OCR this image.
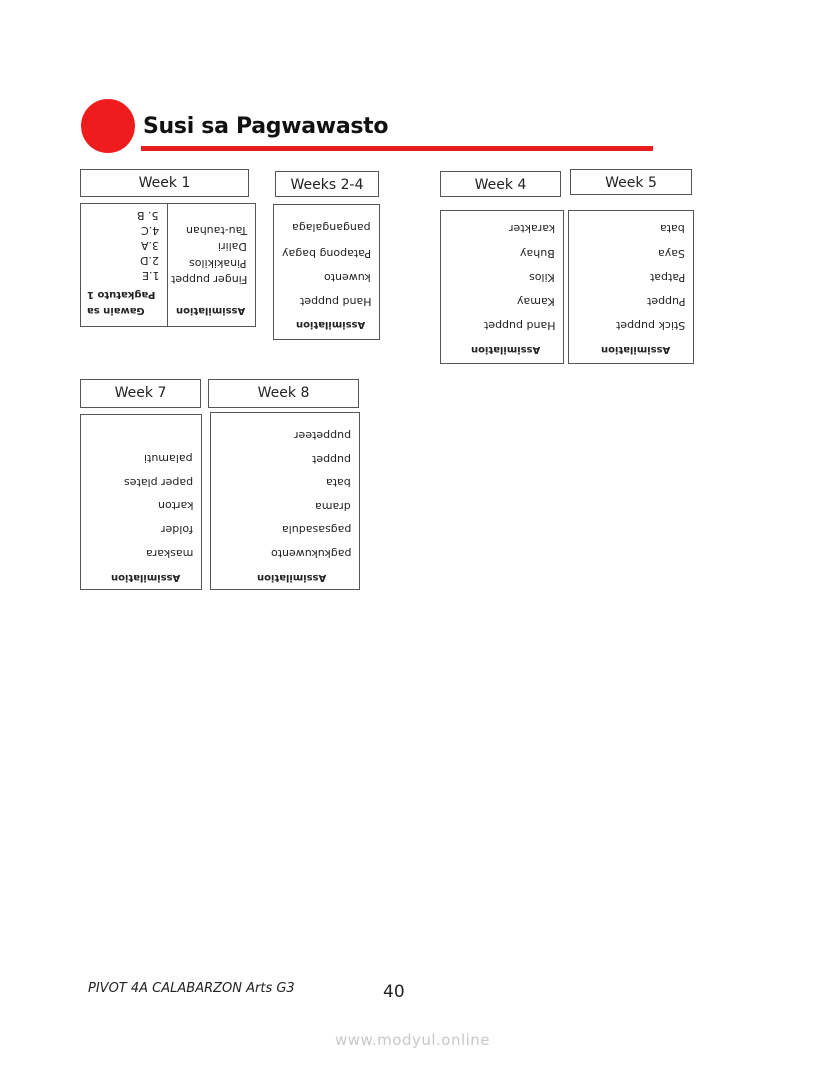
Susi sa Pagwawasto
Week 1
5. B
4.C
3.A
2.D
1.E
Pagkatuto 1
Gawain sa
Tau-tauhan
Daliri
Pinakikilos
Finger puppet
Assimilation
Weeks 2-4
pangangalaga
Patapong bagay
kuwento
Hand puppet
Assimilation
Week 4
karakter
Buhay
Kilos
Kamay
Hand puppet
Assimilation
Week 5
bata
Saya
Patpat
Puppet
Stick puppet
Assimilation
Week 7
palamuti
paper plates
karton
folder
maskara
Assimilation
Week 8
puppeteer
puppet
bata
drama
pagsasadula
pagkukuwento
Assimilation
PIVOT 4A CALABARZON Arts G3	40
www.modyul.online
